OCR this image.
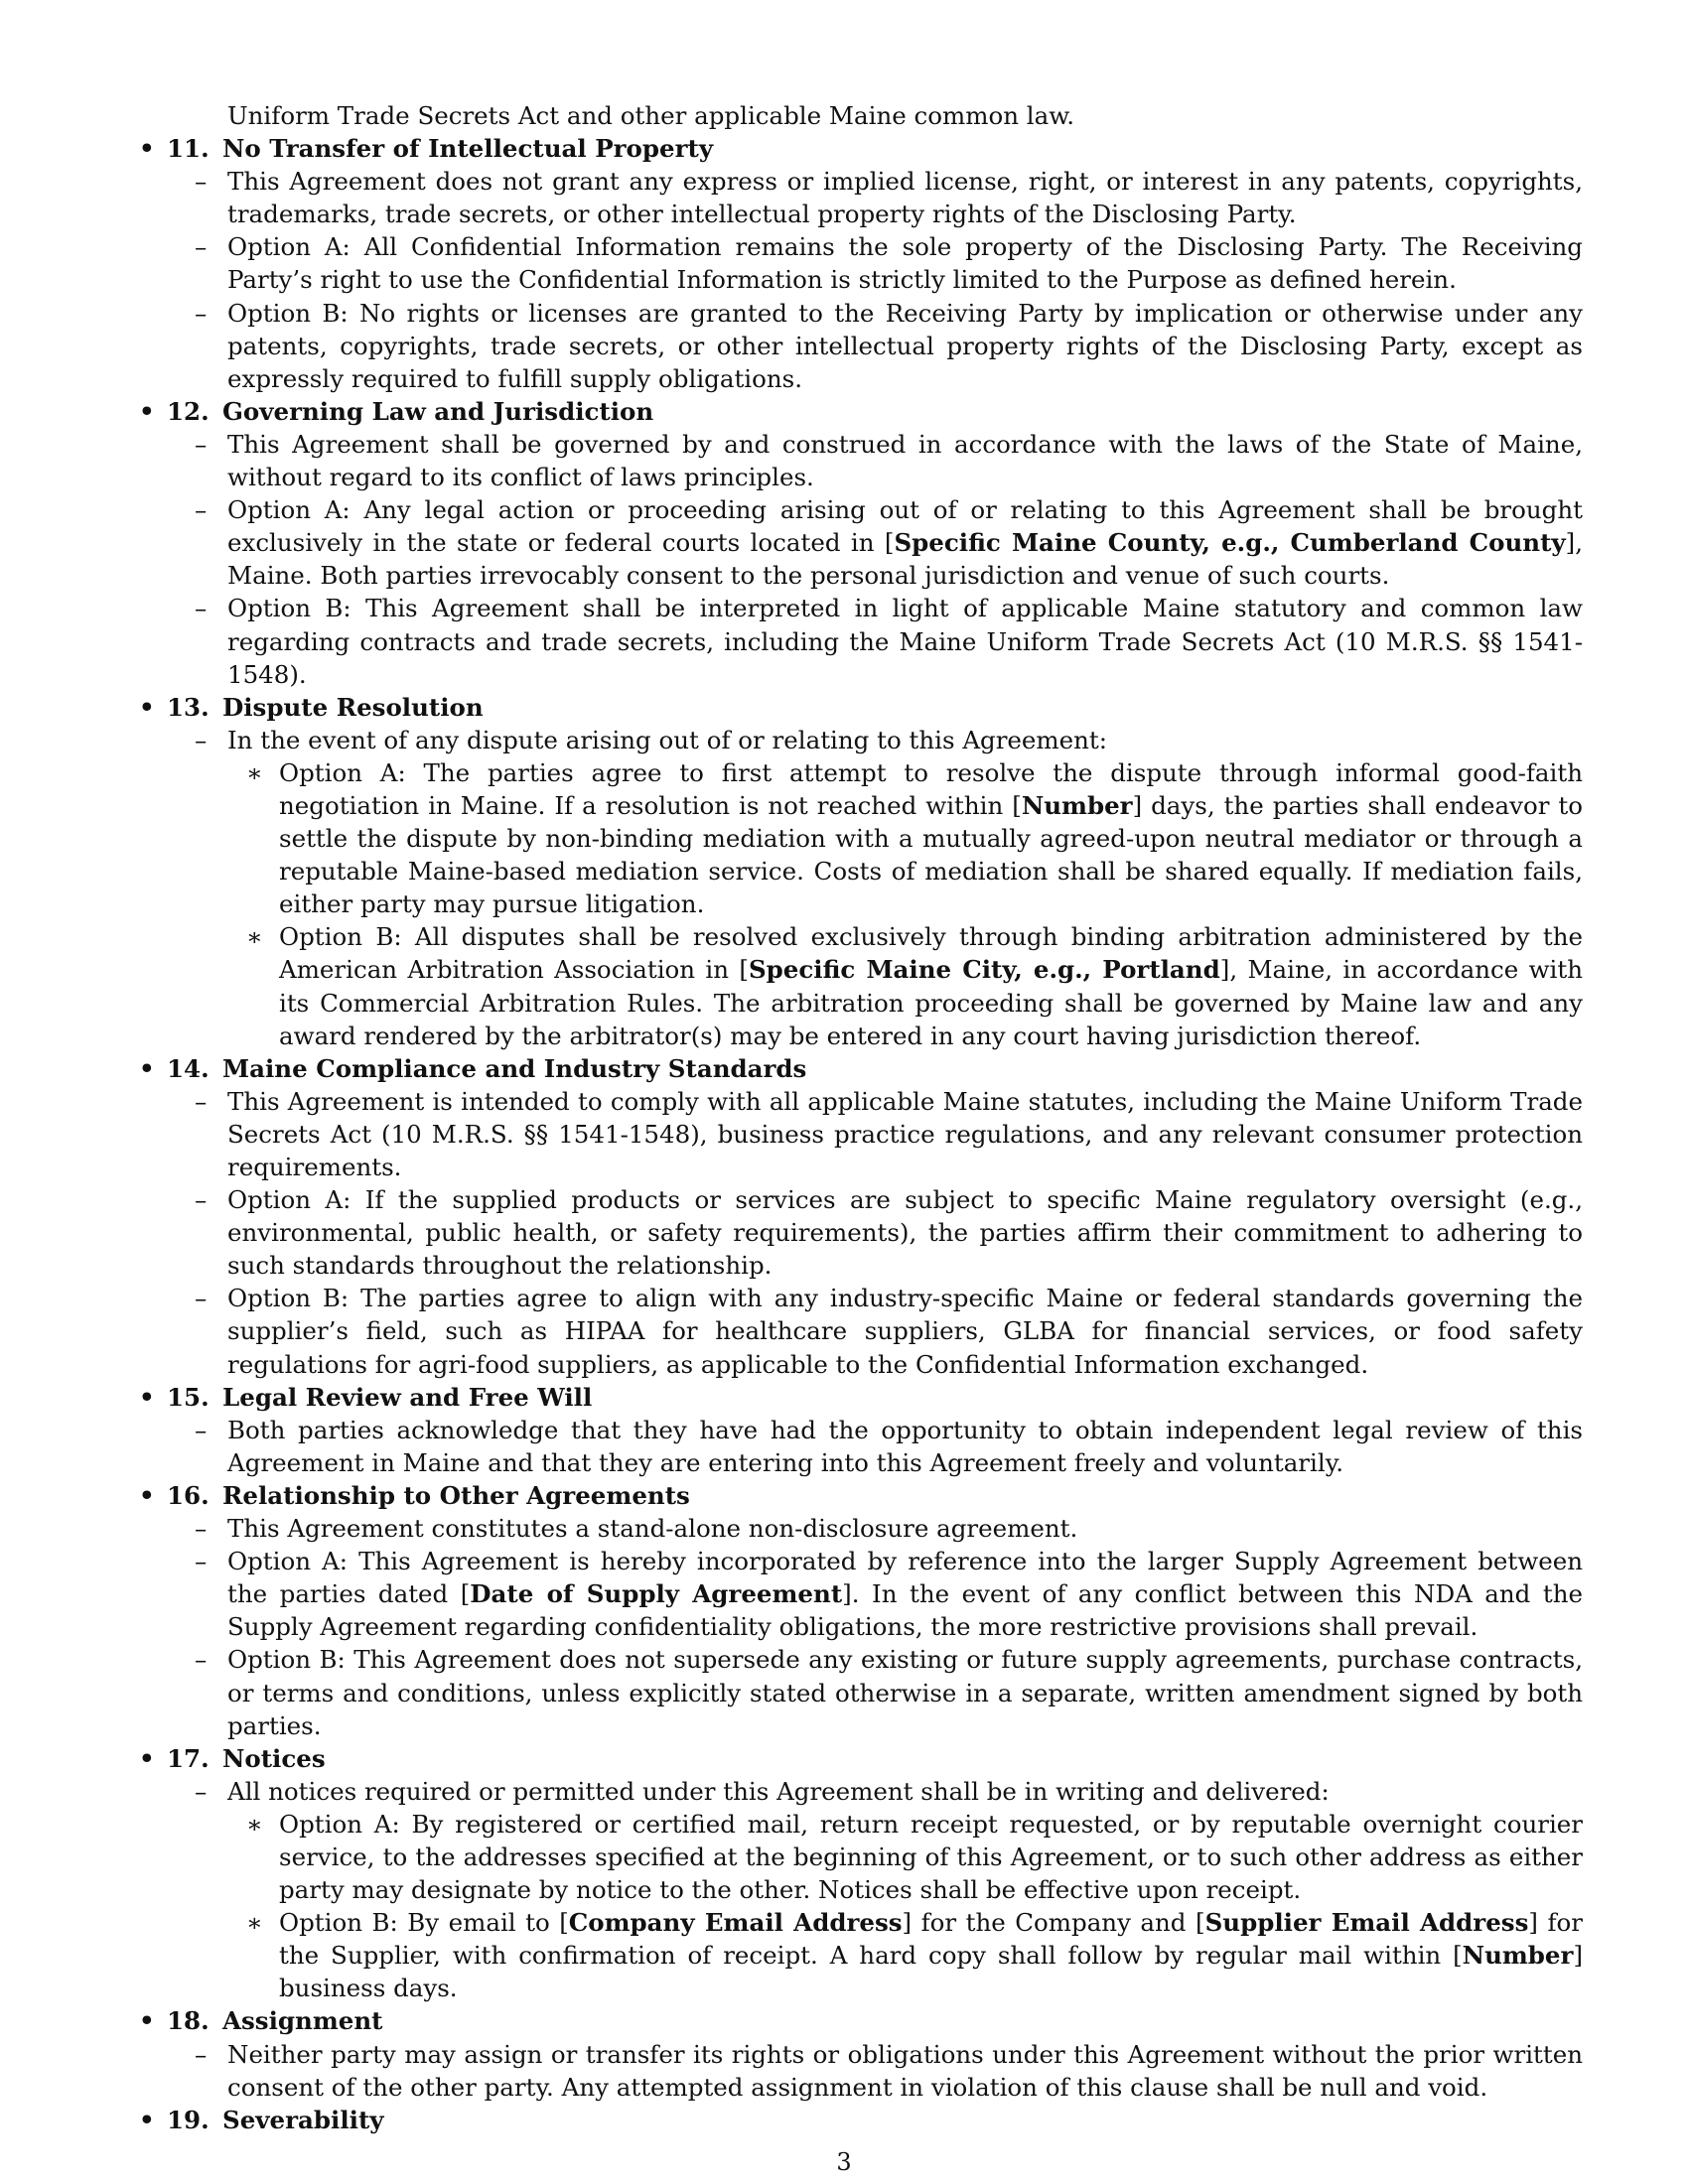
Uniform Trade Secrets Act and other applicable Maine common law.

• 11. No Transfer of Intellectual Property
– This Agreement does not grant any express or implied license, right, or interest in any patents, copyrights, trademarks, trade secrets, or other intellectual property rights of the Disclosing Party.
– Option A: All Confidential Information remains the sole property of the Disclosing Party. The Receiving Party’s right to use the Confidential Information is strictly limited to the Purpose as defined herein.
– Option B: No rights or licenses are granted to the Receiving Party by implication or otherwise under any patents, copyrights, trade secrets, or other intellectual property rights of the Disclosing Party, except as expressly required to fulfill supply obligations.
• 12. Governing Law and Jurisdiction
– This Agreement shall be governed by and construed in accordance with the laws of the State of Maine, without regard to its conflict of laws principles.
– Option A: Any legal action or proceeding arising out of or relating to this Agreement shall be brought exclusively in the state or federal courts located in [Specific Maine County, e.g., Cumberland County], Maine. Both parties irrevocably consent to the personal jurisdiction and venue of such courts.
– Option B: This Agreement shall be interpreted in light of applicable Maine statutory and common law regarding contracts and trade secrets, including the Maine Uniform Trade Secrets Act (10 M.R.S. §§ 1541-1548).
• 13. Dispute Resolution
– In the event of any dispute arising out of or relating to this Agreement:
∗ Option A: The parties agree to first attempt to resolve the dispute through informal good-faith negotiation in Maine. If a resolution is not reached within [Number] days, the parties shall endeavor to settle the dispute by non-binding mediation with a mutually agreed-upon neutral mediator or through a reputable Maine-based mediation service. Costs of mediation shall be shared equally. If mediation fails, either party may pursue litigation.
∗ Option B: All disputes shall be resolved exclusively through binding arbitration administered by the American Arbitration Association in [Specific Maine City, e.g., Portland], Maine, in accordance with its Commercial Arbitration Rules. The arbitration proceeding shall be governed by Maine law and any award rendered by the arbitrator(s) may be entered in any court having jurisdiction thereof.
• 14. Maine Compliance and Industry Standards
– This Agreement is intended to comply with all applicable Maine statutes, including the Maine Uniform Trade Secrets Act (10 M.R.S. §§ 1541-1548), business practice regulations, and any relevant consumer protection requirements.
– Option A: If the supplied products or services are subject to specific Maine regulatory oversight (e.g., environmental, public health, or safety requirements), the parties affirm their commitment to adhering to such standards throughout the relationship.
– Option B: The parties agree to align with any industry-specific Maine or federal standards governing the supplier’s field, such as HIPAA for healthcare suppliers, GLBA for financial services, or food safety regulations for agri-food suppliers, as applicable to the Confidential Information exchanged.
• 15. Legal Review and Free Will
– Both parties acknowledge that they have had the opportunity to obtain independent legal review of this Agreement in Maine and that they are entering into this Agreement freely and voluntarily.
• 16. Relationship to Other Agreements
– This Agreement constitutes a stand-alone non-disclosure agreement.
– Option A: This Agreement is hereby incorporated by reference into the larger Supply Agreement between the parties dated [Date of Supply Agreement]. In the event of any conflict between this NDA and the Supply Agreement regarding confidentiality obligations, the more restrictive provisions shall prevail.
– Option B: This Agreement does not supersede any existing or future supply agreements, purchase contracts, or terms and conditions, unless explicitly stated otherwise in a separate, written amendment signed by both parties.
• 17. Notices
– All notices required or permitted under this Agreement shall be in writing and delivered:
∗ Option A: By registered or certified mail, return receipt requested, or by reputable overnight courier service, to the addresses specified at the beginning of this Agreement, or to such other address as either party may designate by notice to the other. Notices shall be effective upon receipt.
∗ Option B: By email to [Company Email Address] for the Company and [Supplier Email Address] for the Supplier, with confirmation of receipt. A hard copy shall follow by regular mail within [Number] business days.
• 18. Assignment
– Neither party may assign or transfer its rights or obligations under this Agreement without the prior written consent of the other party. Any attempted assignment in violation of this clause shall be null and void.
• 19. Severability
3
